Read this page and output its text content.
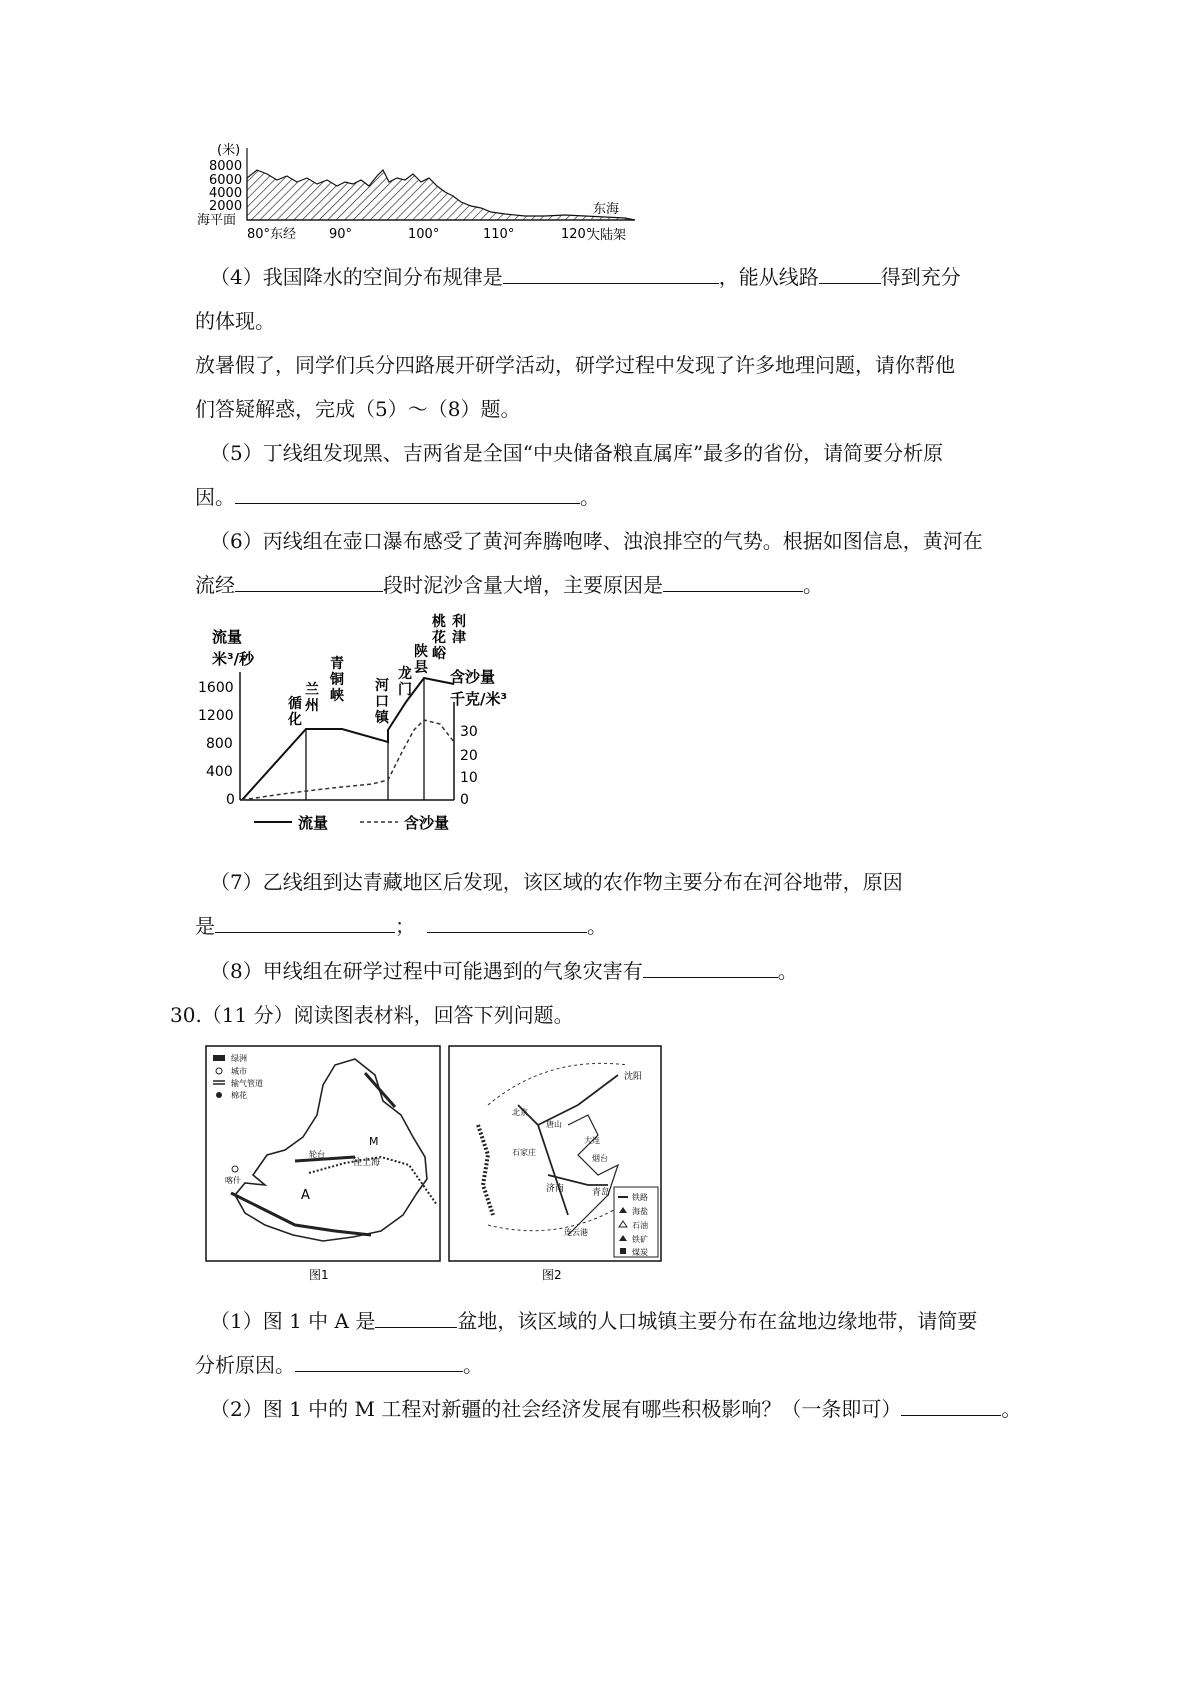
(米)
8000
6000
4000
2000
海平面
80°东经	90°	100°	110°	120°
东海
大陆架
（4）我国降水的空间分布规律是	，能从线路	得到充分
的体现。
放暑假了，同学们兵分四路展开研学活动，研学过程中发现了许多地理问题，请你帮他
们答疑解惑，完成（5）～（8）题。
（5）丁线组发现黑、吉两省是全国“中央储备粮直属库”最多的省份，请简要分析原
因。	。
（6）丙线组在壶口瀑布感受了黄河奔腾咆哮、浊浪排空的气势。根据如图信息，黄河在
流经	段时泥沙含量大增，主要原因是	。
流量
米³/秒
1600
1200
800
400
0
循化
兰州
青铜峡
河口镇
龙门
陕县
桃花峪
利津
含沙量
千克/米³
30
20
10
0
流量	含沙量
（7）乙线组到达青藏地区后发现，该区域的农作物主要分布在河谷地带，原因
是	；	。
（8）甲线组在研学过程中可能遇到的气象灾害有	。
30.（11 分）阅读图表材料，回答下列问题。
绿洲
城市
输气管道
棉花
A
M
往上海
轮台
喀什
图1
沈阳
北京
唐山
大连
烟台
济南	青岛
连云港
石家庄
铁路
海盐
石油
铁矿
煤炭
图2
（1）图 1 中 A 是	盆地，该区域的人口城镇主要分布在盆地边缘地带，请简要
分析原因。	。
（2）图 1 中的 M 工程对新疆的社会经济发展有哪些积极影响？（一条即可）	。
